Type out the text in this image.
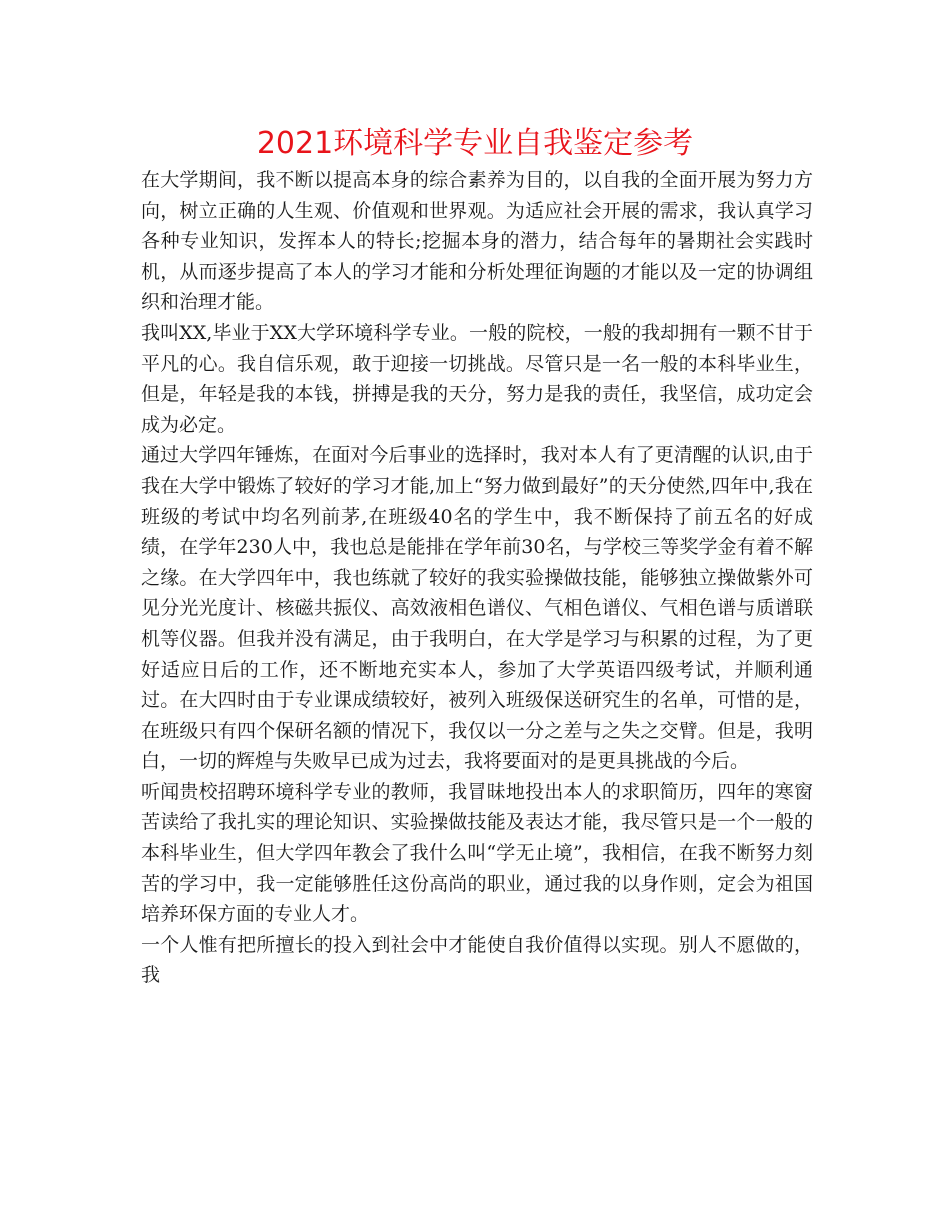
2021环境科学专业自我鉴定参考

在大学期间，我不断以提高本身的综合素养为目的，以自我的全面开展为努力方向，树立正确的人生观、价值观和世界观。为适应社会开展的需求，我认真学习各种专业知识，发挥本人的特长;挖掘本身的潜力，结合每年的暑期社会实践时机，从而逐步提高了本人的学习才能和分析处理征询题的才能以及一定的协调组织和治理才能。

我叫XX,毕业于XX大学环境科学专业。一般的院校，一般的我却拥有一颗不甘于平凡的心。我自信乐观，敢于迎接一切挑战。尽管只是一名一般的本科毕业生，但是，年轻是我的本钱，拼搏是我的天分，努力是我的责任，我坚信，成功定会成为必定。

通过大学四年锤炼，在面对今后事业的选择时，我对本人有了更清醒的认识,由于我在大学中锻炼了较好的学习才能,加上“努力做到最好”的天分使然,四年中,我在班级的考试中均名列前茅,在班级40名的学生中，我不断保持了前五名的好成绩，在学年230人中，我也总是能排在学年前30名，与学校三等奖学金有着不解之缘。在大学四年中，我也练就了较好的我实验操做技能，能够独立操做紫外可见分光光度计、核磁共振仪、高效液相色谱仪、气相色谱仪、气相色谱与质谱联机等仪器。但我并没有满足，由于我明白，在大学是学习与积累的过程，为了更好适应日后的工作，还不断地充实本人，参加了大学英语四级考试，并顺利通过。在大四时由于专业课成绩较好，被列入班级保送研究生的名单，可惜的是，在班级只有四个保研名额的情况下，我仅以一分之差与之失之交臂。但是，我明白，一切的辉煌与失败早已成为过去，我将要面对的是更具挑战的今后。

听闻贵校招聘环境科学专业的教师，我冒昧地投出本人的求职简历，四年的寒窗苦读给了我扎实的理论知识、实验操做技能及表达才能，我尽管只是一个一般的本科毕业生，但大学四年教会了我什么叫“学无止境”，我相信，在我不断努力刻苦的学习中，我一定能够胜任这份高尚的职业，通过我的以身作则，定会为祖国培养环保方面的专业人才。

一个人惟有把所擅长的投入到社会中才能使自我价值得以实现。别人不愿做的，我
